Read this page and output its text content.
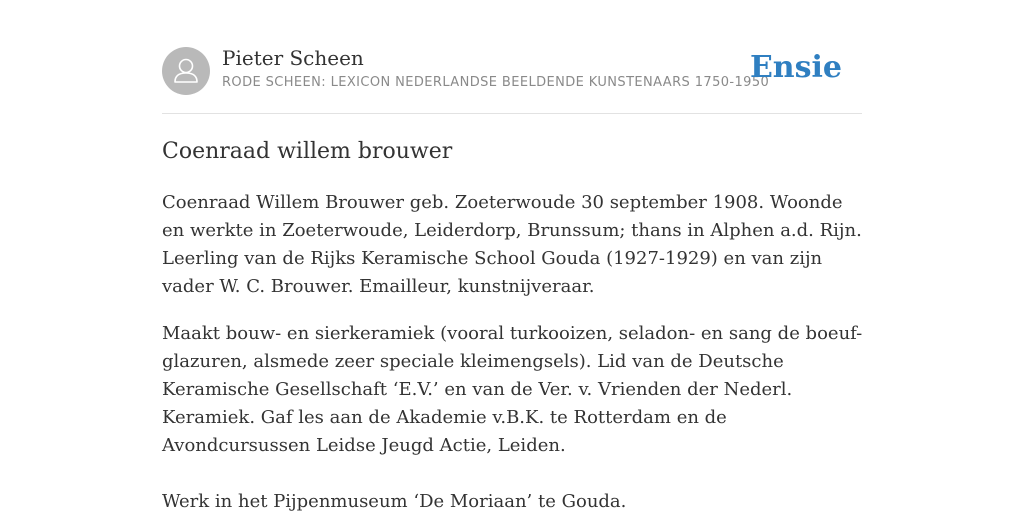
Pieter Scheen
RODE SCHEEN: LEXICON NEDERLANDSE BEELDENDE KUNSTENAARS 1750-1950
Ensie
Coenraad willem brouwer

Coenraad Willem Brouwer geb. Zoeterwoude 30 september 1908. Woonde en werkte in Zoeterwoude, Leiderdorp, Brunssum; thans in Alphen a.d. Rijn. Leerling van de Rijks Keramische School Gouda (1927-1929) en van zijn vader W. C. Brouwer. Emailleur, kunstnijveraar.

Maakt bouw- en sierkeramiek (vooral turkooizen, seladon- en sang de boeuf-glazuren, alsmede zeer speciale kleimengsels). Lid van de Deutsche Keramische Gesellschaft ‘E.V.’ en van de Ver. v. Vrienden der Nederl. Keramiek. Gaf les aan de Akademie v.B.K. te Rotterdam en de Avondcursussen Leidse Jeugd Actie, Leiden.

Werk in het Pijpenmuseum ‘De Moriaan’ te Gouda.
